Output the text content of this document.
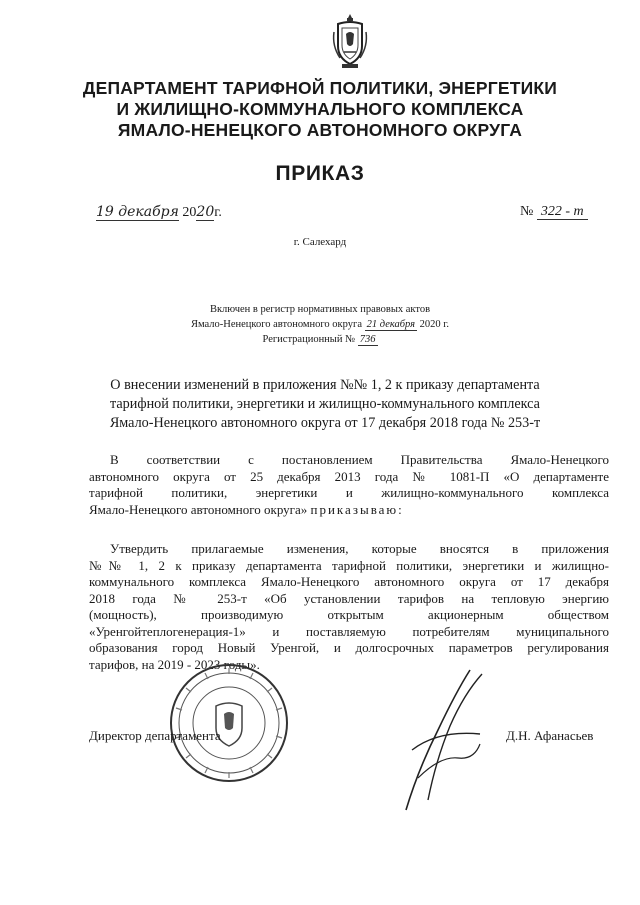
ДЕПАРТАМЕНТ ТАРИФНОЙ ПОЛИТИКИ, ЭНЕРГЕТИКИ
И ЖИЛИЩНО-КОММУНАЛЬНОГО КОМПЛЕКСА
ЯМАЛО-НЕНЕЦКОГО АВТОНОМНОГО ОКРУГА
ПРИКАЗ
19 декабря 2020г.	№ 322 - т
г. Салехард
Включен в регистр нормативных правовых актов
Ямало-Ненецкого автономного округа 21 декабря 2020 г.
Регистрационный № 736
О внесении изменений в приложения №№ 1, 2 к приказу департамента
тарифной политики, энергетики и жилищно-коммунального комплекса
Ямало-Ненецкого автономного округа от 17 декабря 2018 года № 253-т
В соответствии с постановлением Правительства Ямало-Ненецкого
автономного округа от 25 декабря 2013 года № 1081-П «О департаменте
тарифной политики, энергетики и жилищно-коммунального комплекса
Ямало-Ненецкого автономного округа» приказываю:
Утвердить прилагаемые изменения, которые вносятся в приложения
№№ 1, 2 к приказу департамента тарифной политики, энергетики и жилищно-
коммунального комплекса Ямало-Ненецкого автономного округа от 17 декабря
2018 года № 253-т «Об установлении тарифов на тепловую энергию
(мощность), производимую открытым акционерным обществом
«Уренгойтеплогенерация-1» и поставляемую потребителям муниципального
образования город Новый Уренгой, и долгосрочных параметров регулирования
тарифов, на 2019 - 2023 годы».
Директор департамента	Д.Н. Афанасьев
